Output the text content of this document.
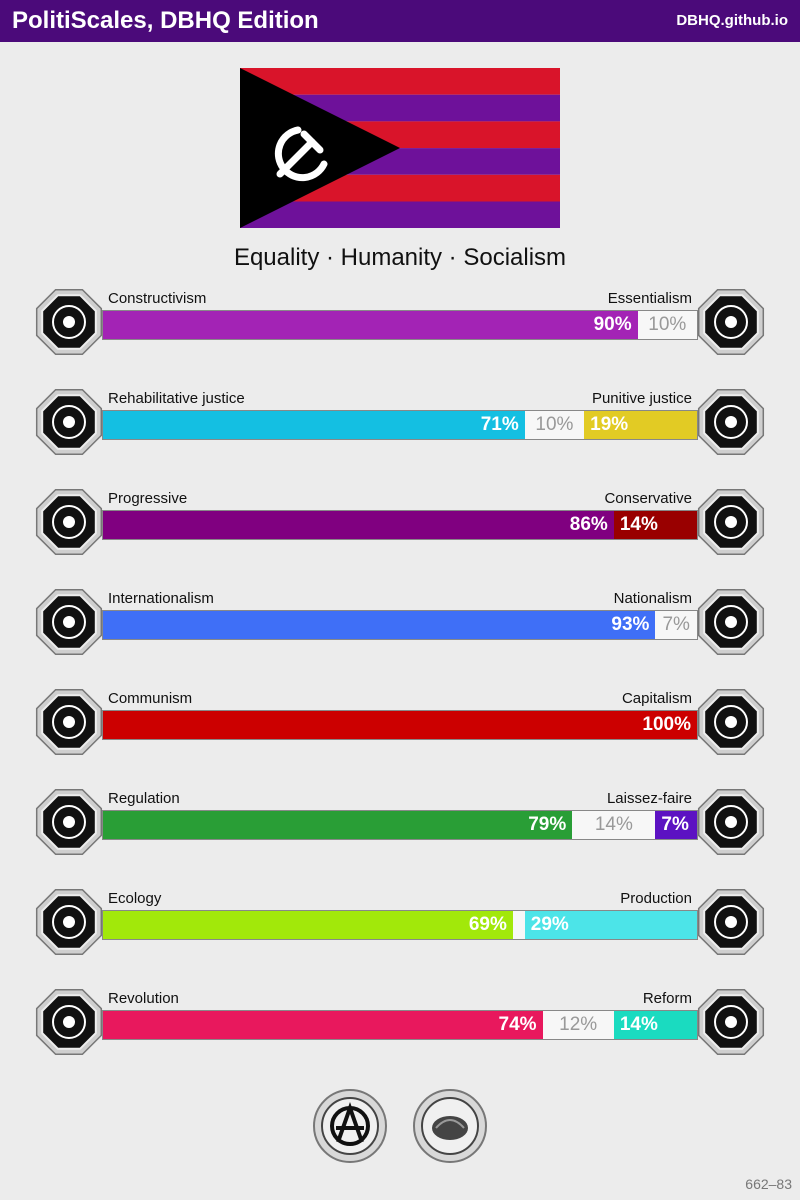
PolitiScales, DBHQ Edition	DBHQ.github.io
Equality · Humanity · Socialism
90% 10%
Constructivism	Essentialism
71% 10% 19%
Rehabilitative justice	Punitive justice
86% 14%
Progressive	Conservative
93% 7%
Internationalism	Nationalism
100%
Communism	Capitalism
79%	14%	7%
Regulation	Laissez-faire
69%	29%
Ecology	Production
74%	12%	14%
Revolution	Reform
662–83
